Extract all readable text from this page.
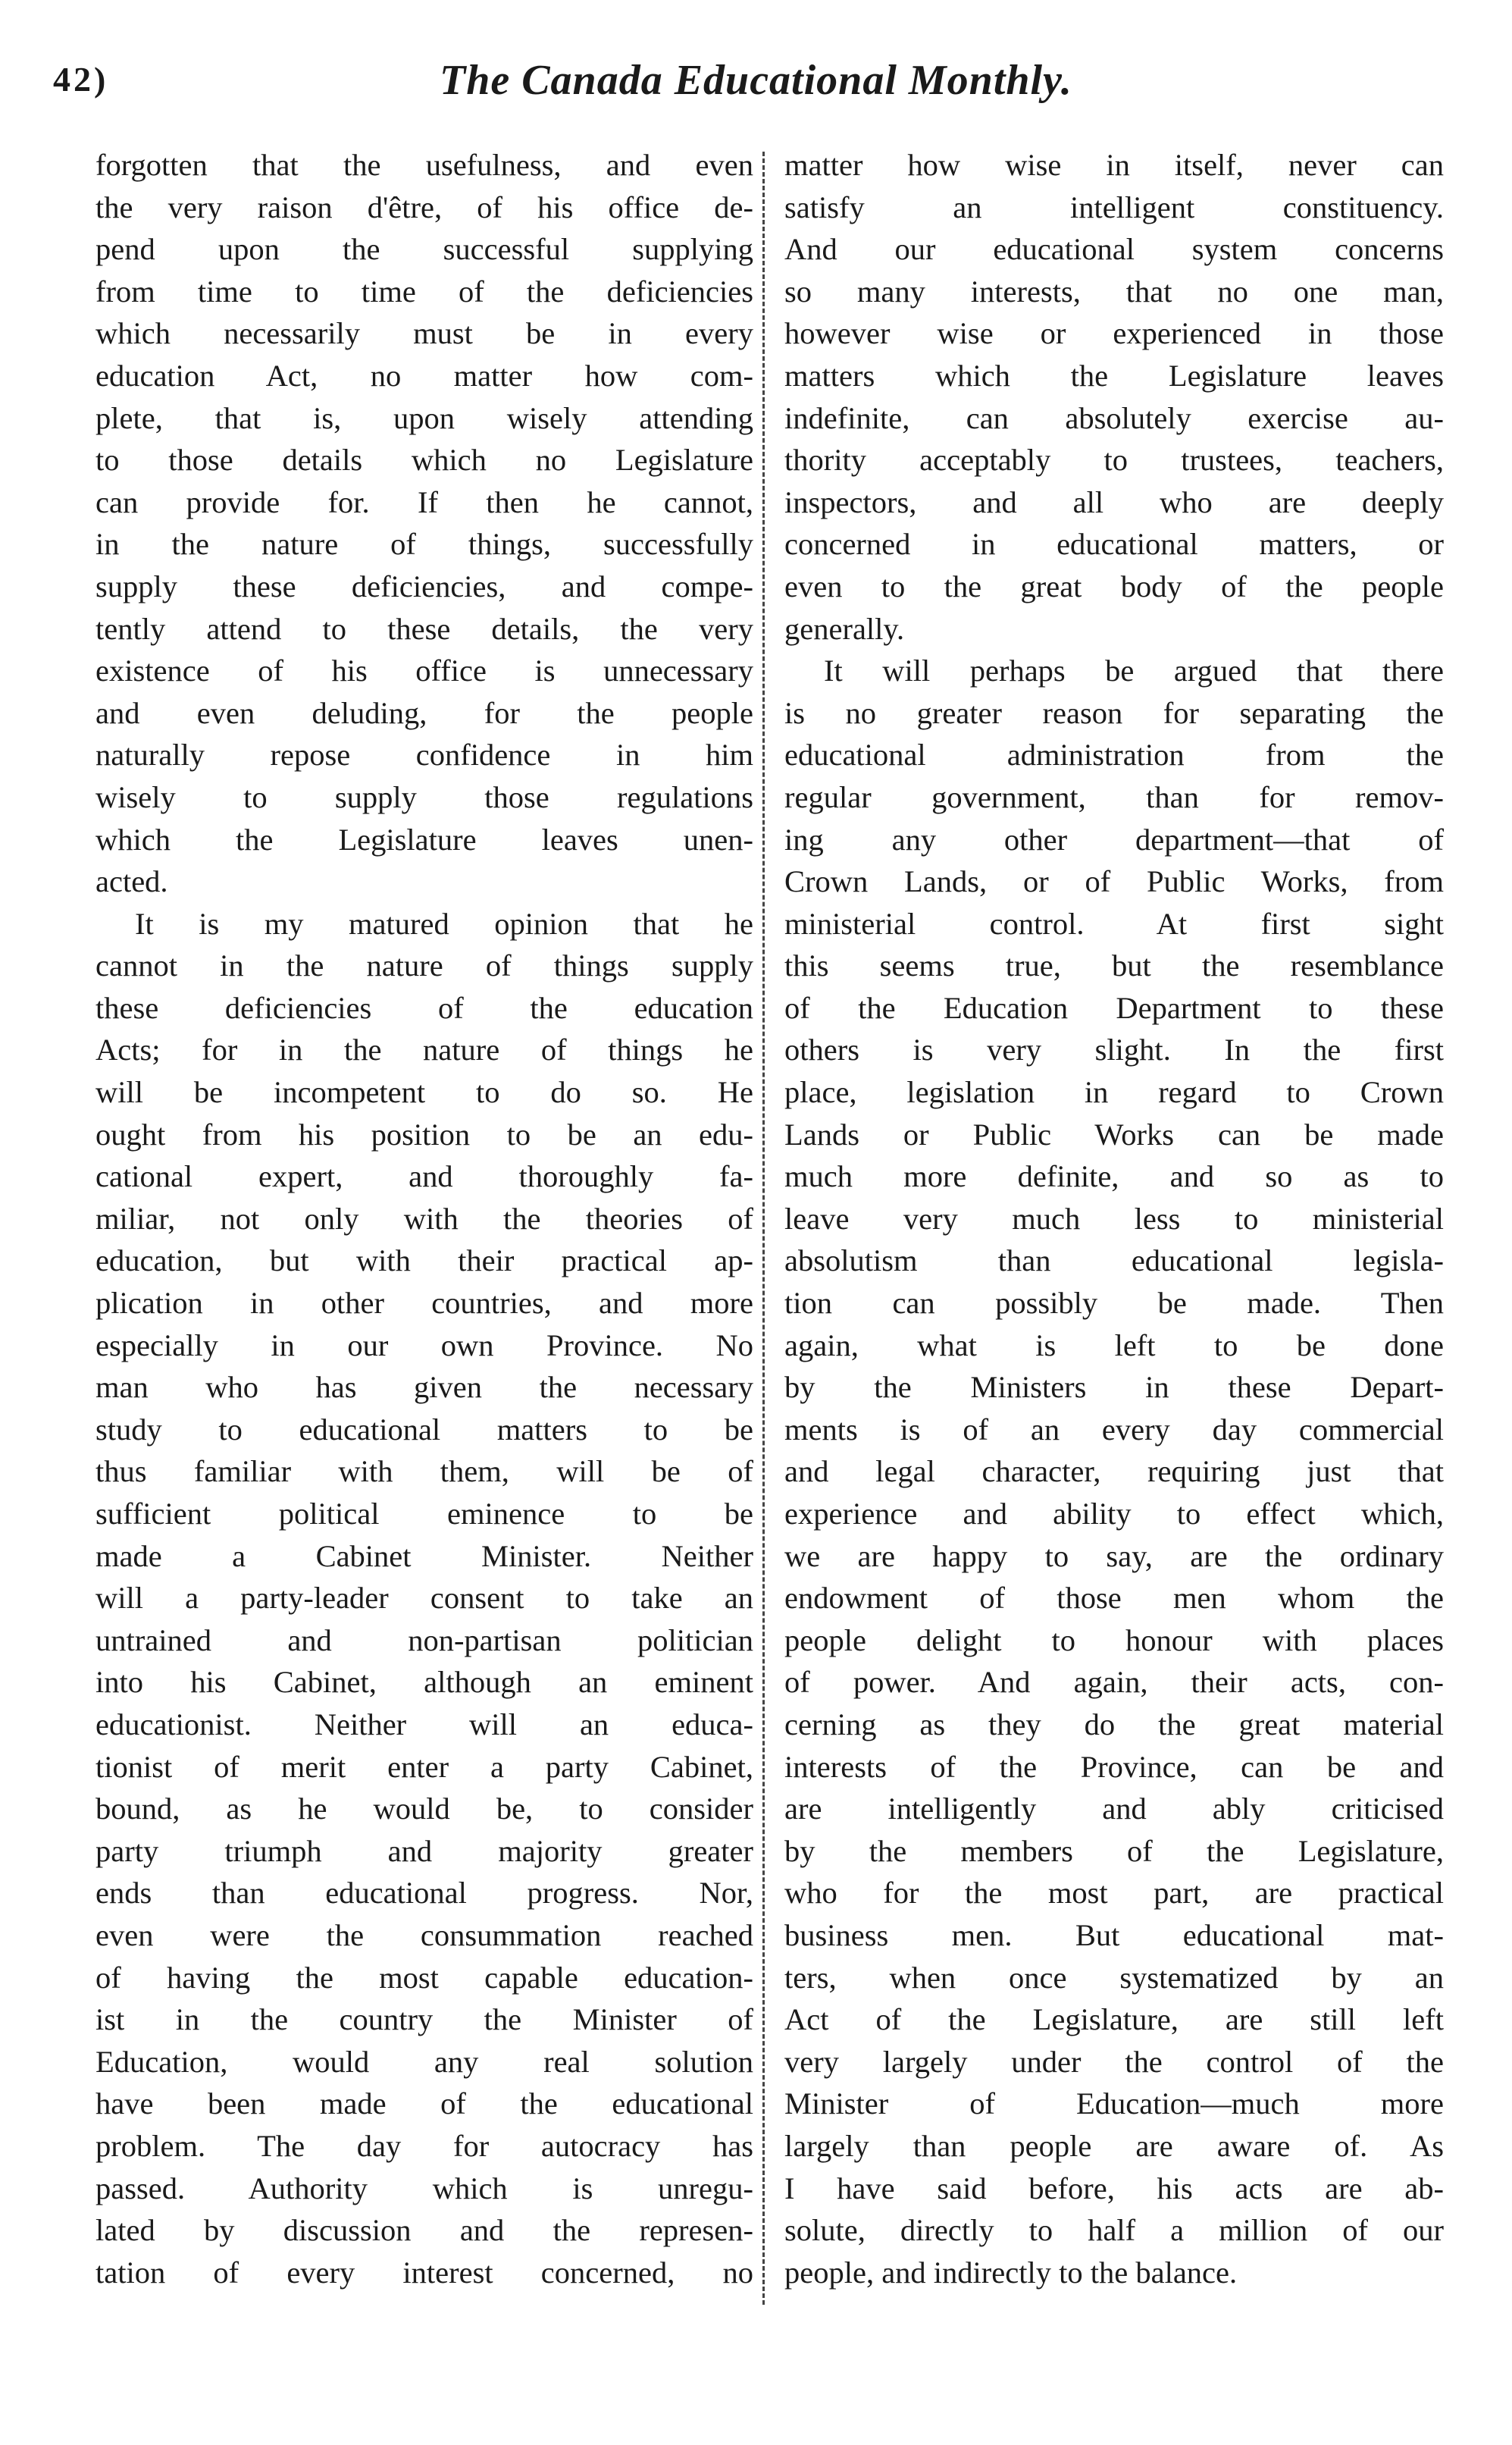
42)	The Canada Educational Monthly.
forgotten that the usefulness, and even
the very raison d'être, of his office de-
pend upon the successful supplying
from time to time of the deficiencies
which necessarily must be in every
education Act, no matter how com-
plete, that is, upon wisely attending
to those details which no Legislature
can provide for. If then he cannot,
in the nature of things, successfully
supply these deficiencies, and compe-
tently attend to these details, the very
existence of his office is unnecessary
and even deluding, for the people
naturally repose confidence in him
wisely to supply those regulations
which the Legislature leaves unen-
acted.
It is my matured opinion that he
cannot in the nature of things supply
these deficiencies of the education
Acts; for in the nature of things he
will be incompetent to do so. He
ought from his position to be an edu-
cational expert, and thoroughly fa-
miliar, not only with the theories of
education, but with their practical ap-
plication in other countries, and more
especially in our own Province. No
man who has given the necessary
study to educational matters to be
thus familiar with them, will be of
sufficient political eminence to be
made a Cabinet Minister. Neither
will a party-leader consent to take an
untrained and non-partisan politician
into his Cabinet, although an eminent
educationist. Neither will an educa-
tionist of merit enter a party Cabinet,
bound, as he would be, to consider
party triumph and majority greater
ends than educational progress. Nor,
even were the consummation reached
of having the most capable education-
ist in the country the Minister of
Education, would any real solution
have been made of the educational
problem. The day for autocracy has
passed. Authority which is unregu-
lated by discussion and the represen-
tation of every interest concerned, no
matter how wise in itself, never can
satisfy an intelligent constituency.
And our educational system concerns
so many interests, that no one man,
however wise or experienced in those
matters which the Legislature leaves
indefinite, can absolutely exercise au-
thority acceptably to trustees, teachers,
inspectors, and all who are deeply
concerned in educational matters, or
even to the great body of the people
generally.
It will perhaps be argued that there
is no greater reason for separating the
educational administration from the
regular government, than for remov-
ing any other department—that of
Crown Lands, or of Public Works, from
ministerial control. At first sight
this seems true, but the resemblance
of the Education Department to these
others is very slight. In the first
place, legislation in regard to Crown
Lands or Public Works can be made
much more definite, and so as to
leave very much less to ministerial
absolutism than educational legisla-
tion can possibly be made. Then
again, what is left to be done
by the Ministers in these Depart-
ments is of an every day commercial
and legal character, requiring just that
experience and ability to effect which,
we are happy to say, are the ordinary
endowment of those men whom the
people delight to honour with places
of power. And again, their acts, con-
cerning as they do the great material
interests of the Province, can be and
are intelligently and ably criticised
by the members of the Legislature,
who for the most part, are practical
business men. But educational mat-
ters, when once systematized by an
Act of the Legislature, are still left
very largely under the control of the
Minister of Education—much more
largely than people are aware of. As
I have said before, his acts are ab-
solute, directly to half a million of our
people, and indirectly to the balance.
